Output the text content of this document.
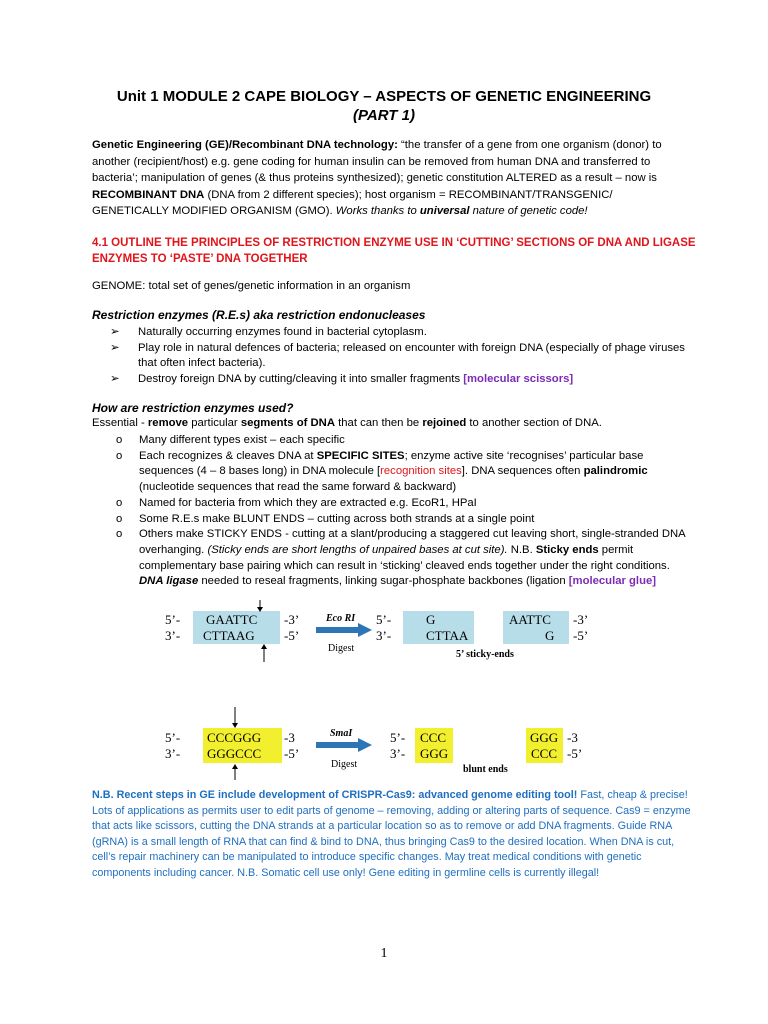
Unit 1 MODULE 2 CAPE BIOLOGY – ASPECTS OF GENETIC ENGINEERING
(PART 1)
Genetic Engineering (GE)/Recombinant DNA technology: “the transfer of a gene from one organism (donor) to another (recipient/host) e.g. gene coding for human insulin can be removed from human DNA and transferred to bacteria’; manipulation of genes (& thus proteins synthesized); genetic constitution ALTERED as a result – now is RECOMBINANT DNA (DNA from 2 different species); host organism = RECOMBINANT/TRANSGENIC/ GENETICALLY MODIFIED ORGANISM (GMO). Works thanks to universal nature of genetic code!
4.1 OUTLINE THE PRINCIPLES OF RESTRICTION ENZYME USE IN ‘CUTTING’ SECTIONS OF DNA AND LIGASE ENZYMES TO ‘PASTE’ DNA TOGETHER
GENOME: total set of genes/genetic information in an organism
Restriction enzymes (R.E.s) aka restriction endonucleases
➢ Naturally occurring enzymes found in bacterial cytoplasm.
➢ Play role in natural defences of bacteria; released on encounter with foreign DNA (especially of phage viruses that often infect bacteria).
➢ Destroy foreign DNA by cutting/cleaving it into smaller fragments [molecular scissors]
How are restriction enzymes used?
Essential - remove particular segments of DNA that can then be rejoined to another section of DNA.
o Many different types exist – each specific
o Each recognizes & cleaves DNA at SPECIFIC SITES; enzyme active site ‘recognises’ particular base sequences (4 – 8 bases long) in DNA molecule [recognition sites]. DNA sequences often palindromic (nucleotide sequences that read the same forward & backward)
o Named for bacteria from which they are extracted e.g. EcoR1, HPaI
o Some R.E.s make BLUNT ENDS – cutting across both strands at a single point
o Others make STICKY ENDS - cutting at a slant/producing a staggered cut leaving short, single-stranded DNA overhanging. (Sticky ends are short lengths of unpaired bases at cut site). N.B. Sticky ends permit complementary base pairing which can result in ‘sticking’ cleaved ends together under the right conditions. DNA ligase needed to reseal fragments, linking sugar-phosphate backbones (ligation [molecular glue]
5’-
3’-
GAATTC
CTTAAG
-3’
-5’
Eco RI
Digest
5’-
3’-
G
CTTAA
AATTC
G
-3’
-5’
5’ sticky-ends
5’-
3’-
CCCGGG
GGGCCC
-3
-5’
SmaI
Digest
5’-
3’-
CCC
GGG
GGG
CCC
-3
-5’
blunt ends
N.B. Recent steps in GE include development of CRISPR-Cas9: advanced genome editing tool! Fast, cheap & precise! Lots of applications as permits user to edit parts of genome – removing, adding or altering parts of sequence. Cas9 = enzyme that acts like scissors, cutting the DNA strands at a particular location so as to remove or add DNA fragments. Guide RNA (gRNA) is a small length of RNA that can find & bind to DNA, thus bringing Cas9 to the desired location. When DNA is cut, cell’s repair machinery can be manipulated to introduce specific changes. May treat medical conditions with genetic components including cancer. N.B. Somatic cell use only! Gene editing in germline cells is currently illegal!
1
